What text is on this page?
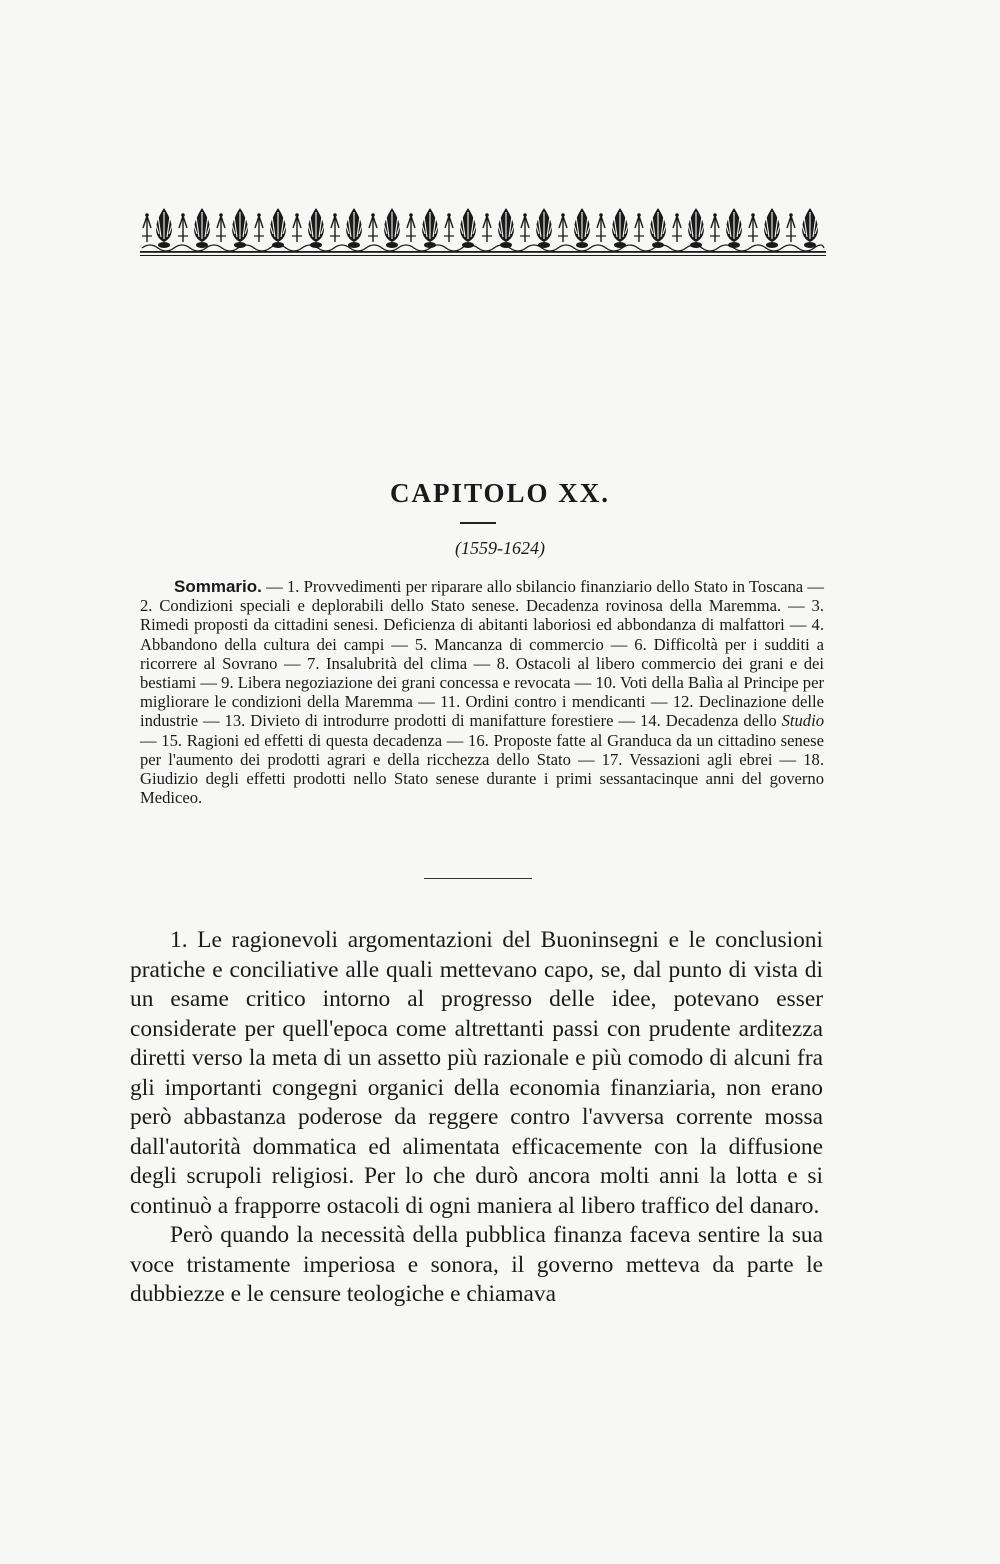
CAPITOLO XX.
(1559-1624)

Sommario. — 1. Provvedimenti per riparare allo sbilancio finanziario dello Stato in Toscana — 2. Condizioni speciali e deplorabili dello Stato senese. Decadenza rovinosa della Maremma. — 3. Rimedi proposti da cittadini senesi. Deficienza di abitanti laboriosi ed abbondanza di malfattori — 4. Abbandono della cultura dei campi — 5. Mancanza di commercio — 6. Difficoltà per i sudditi a ricorrere al Sovrano — 7. Insalubrità del clima — 8. Ostacoli al libero commercio dei grani e dei bestiami — 9. Libera negoziazione dei grani concessa e revocata — 10. Voti della Balìa al Principe per migliorare le condizioni della Maremma — 11. Ordini contro i mendicanti — 12. Declinazione delle industrie — 13. Divieto di introdurre prodotti di manifatture forestiere — 14. Decadenza dello Studio — 15. Ragioni ed effetti di questa decadenza — 16. Proposte fatte al Granduca da un cittadino senese per l'aumento dei prodotti agrari e della ricchezza dello Stato — 17. Vessazioni agli ebrei — 18. Giudizio degli effetti prodotti nello Stato senese durante i primi sessantacinque anni del governo Mediceo.

1. Le ragionevoli argomentazioni del Buoninsegni e le conclusioni pratiche e conciliative alle quali mettevano capo, se, dal punto di vista di un esame critico intorno al progresso delle idee, potevano esser considerate per quell'epoca come altrettanti passi con prudente arditezza diretti verso la meta di un assetto più razionale e più comodo di alcuni fra gli importanti congegni organici della economia finanziaria, non erano però abbastanza poderose da reggere contro l'avversa corrente mossa dall'autorità dommatica ed alimentata efficacemente con la diffusione degli scrupoli religiosi. Per lo che durò ancora molti anni la lotta e si continuò a frapporre ostacoli di ogni maniera al libero traffico del danaro.

Però quando la necessità della pubblica finanza faceva sentire la sua voce tristamente imperiosa e sonora, il governo metteva da parte le dubbiezze e le censure teologiche e chiamava
